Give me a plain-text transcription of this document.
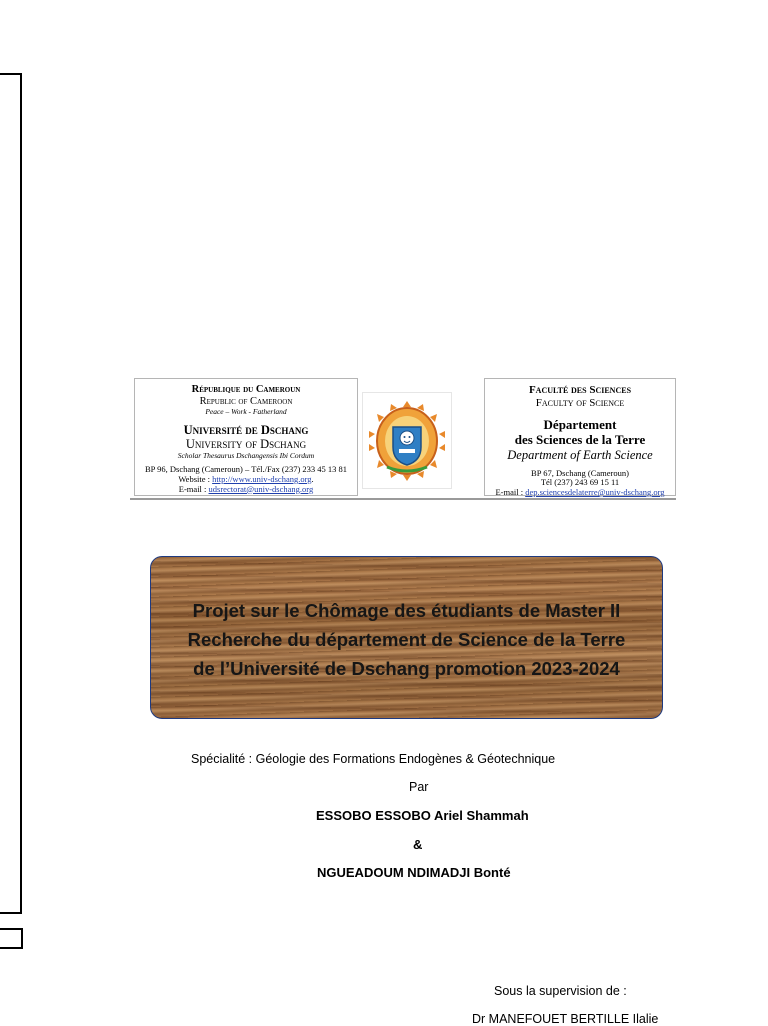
République du Cameroun
Republic of Cameroon
Peace – Work - Fatherland
Université de Dschang
University of Dschang
Scholar Thesaurus Dschangensis Ibi Cordum
BP 96, Dschang (Cameroun) – Tél./Fax (237) 233 45 13 81
Website : http://www.univ-dschang.org.
E-mail : udsrectorat@univ-dschang.org
Faculté des Sciences
Faculty of Science
Département
des Sciences de la Terre
Department of Earth Science
BP 67, Dschang (Cameroun)
Tél (237) 243 69 15 11
E-mail : dep.sciencesdelaterre@univ-dschang.org
Projet sur le Chômage des étudiants de Master II
Recherche du département de Science de la Terre
de l’Université de Dschang promotion 2023-2024
Spécialité : Géologie des Formations Endogènes & Géotechnique
Par
ESSOBO ESSOBO Ariel Shammah
&
NGUEADOUM NDIMADJI Bonté
Sous la supervision de :
Dr MANEFOUET BERTILLE Ilalie
